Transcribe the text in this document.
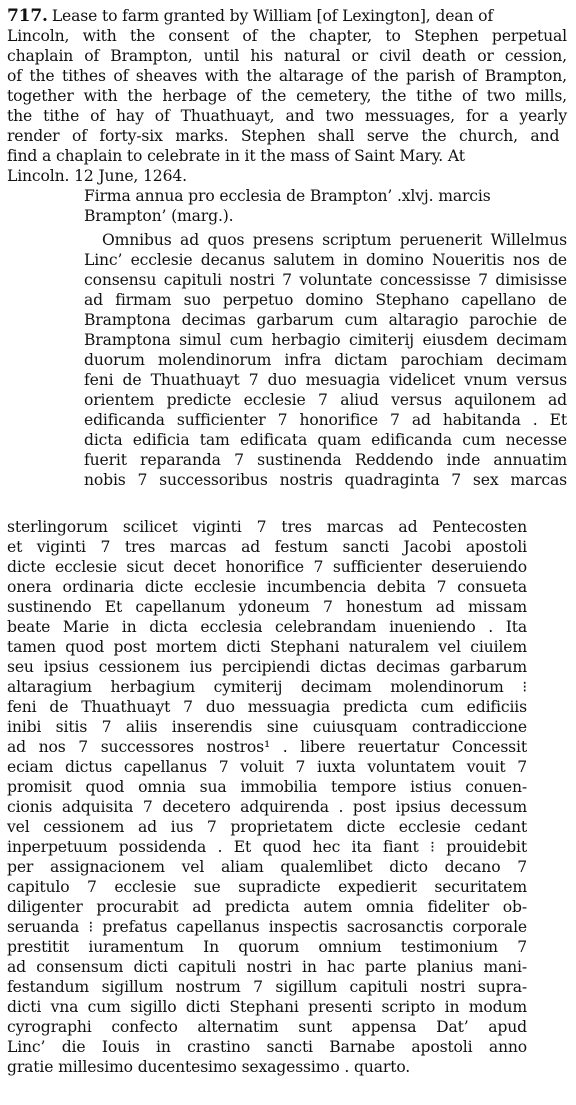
717. Lease to farm granted by William [of Lexington], dean of
Lincoln, with the consent of the chapter, to Stephen perpetual
chaplain of Brampton, until his natural or civil death or cession,
of the tithes of sheaves with the altarage of the parish of Brampton,
together with the herbage of the cemetery, the tithe of two mills,
the tithe of hay of Thuathuayt, and two messuages, for a yearly
render of forty-six marks. Stephen shall serve the church, and
find a chaplain to celebrate in it the mass of Saint Mary. At
Lincoln. 12 June, 1264.
Firma annua pro ecclesia de Brampton’ .xlvj. marcis
Brampton’ (marg.).
Omnibus ad quos presens scriptum peruenerit Willelmus
Linc’ ecclesie decanus salutem in domino Noueritis nos de
consensu capituli nostri 7 voluntate concessisse 7 dimisisse
ad firmam suo perpetuo domino Stephano capellano de
Bramptona decimas garbarum cum altaragio parochie de
Bramptona simul cum herbagio cimiterij eiusdem decimam
duorum molendinorum infra dictam parochiam decimam
feni de Thuathuayt 7 duo mesuagia videlicet vnum versus
orientem predicte ecclesie 7 aliud versus aquilonem ad
edificanda sufficienter 7 honorifice 7 ad habitanda . Et
dicta edificia tam edificata quam edificanda cum necesse
fuerit reparanda 7 sustinenda Reddendo inde annuatim
nobis 7 successoribus nostris quadraginta 7 sex marcas
sterlingorum scilicet viginti 7 tres marcas ad Pentecosten
et viginti 7 tres marcas ad festum sancti Jacobi apostoli
dicte ecclesie sicut decet honorifice 7 sufficienter deseruiendo
onera ordinaria dicte ecclesie incumbencia debita 7 consueta
sustinendo Et capellanum ydoneum 7 honestum ad missam
beate Marie in dicta ecclesia celebrandam inueniendo . Ita
tamen quod post mortem dicti Stephani naturalem vel ciuilem
seu ipsius cessionem ius percipiendi dictas decimas garbarum
altaragium herbagium cymiterij decimam molendinorum ⁝
feni de Thuathuayt 7 duo messuagia predicta cum edificiis
inibi sitis 7 aliis inserendis sine cuiusquam contradiccione
ad nos 7 successores nostros¹ . libere reuertatur Concessit
eciam dictus capellanus 7 voluit 7 iuxta voluntatem vouit 7
promisit quod omnia sua immobilia tempore istius conuen-
cionis adquisita 7 decetero adquirenda . post ipsius decessum
vel cessionem ad ius 7 proprietatem dicte ecclesie cedant
inperpetuum possidenda . Et quod hec ita fiant ⁝ prouidebit
per assignacionem vel aliam qualemlibet dicto decano 7
capitulo 7 ecclesie sue supradicte expedierit securitatem
diligenter procurabit ad predicta autem omnia fideliter ob-
seruanda ⁝ prefatus capellanus inspectis sacrosanctis corporale
prestitit iuramentum In quorum omnium testimonium 7
ad consensum dicti capituli nostri in hac parte planius mani-
festandum sigillum nostrum 7 sigillum capituli nostri supra-
dicti vna cum sigillo dicti Stephani presenti scripto in modum
cyrographi confecto alternatim sunt appensa Dat’ apud
Linc’ die Iouis in crastino sancti Barnabe apostoli anno
gratie millesimo ducentesimo sexagessimo . quarto.
